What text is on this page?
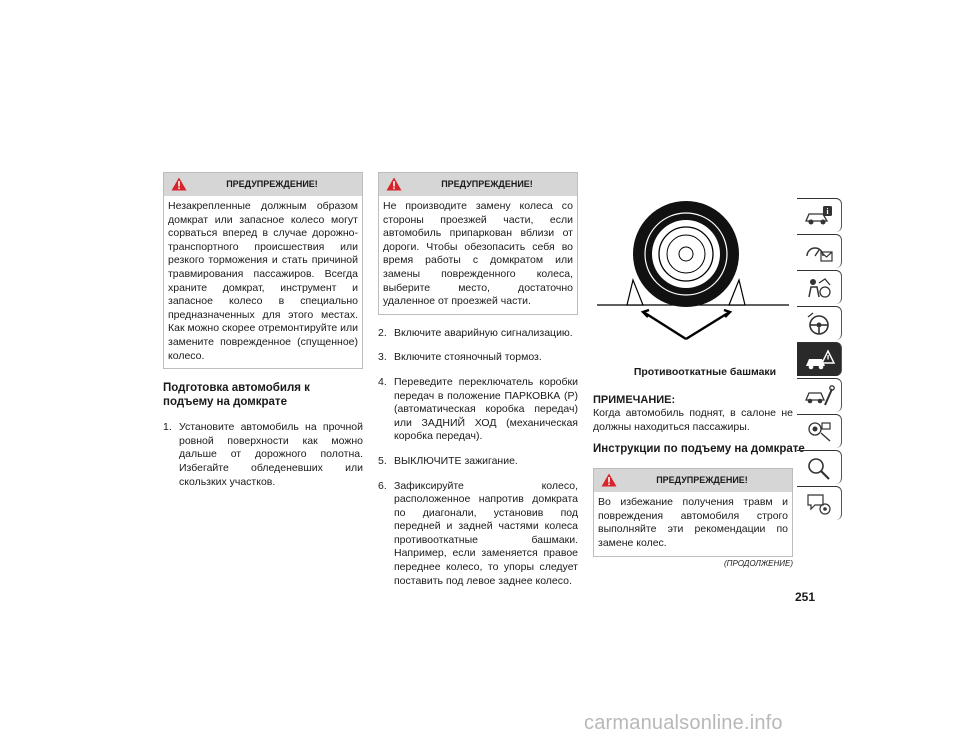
ПРЕДУПРЕЖДЕНИЕ!
Незакрепленные должным образом домкрат или запасное колесо могут сорваться вперед в случае дорожно-транспортного происшествия или резкого торможения и стать причиной травмирования пассажиров. Всегда храните домкрат, инструмент и запасное колесо в специально предназначенных для этого местах. Как можно скорее отремонтируйте или замените поврежденное (спущенное) колесо.
Подготовка автомобиля к подъему на домкрате
1. Установите автомобиль на прочной ровной поверхности как можно дальше от дорожного полотна. Избегайте обледеневших или скользких участков.
ПРЕДУПРЕЖДЕНИЕ!
Не производите замену колеса со стороны проезжей части, если автомобиль припаркован вблизи от дороги. Чтобы обезопасить себя во время работы с домкратом или замены поврежденного колеса, выберите место, достаточно удаленное от проезжей части.
2. Включите аварийную сигнализацию.
3. Включите стояночный тормоз.
4. Переведите переключатель коробки передач в положение ПАРКОВКА (P) (автоматическая коробка передач) или ЗАДНИЙ ХОД (механическая коробка передач).
5. ВЫКЛЮЧИТЕ зажигание.
6. Зафиксируйте колесо, расположенное напротив домкрата по диагонали, установив под передней и задней частями колеса противооткатные башмаки. Например, если заменяется правое переднее колесо, то упоры следует поставить под левое заднее колесо.
Противооткатные башмаки
ПРИМЕЧАНИЕ:
Когда автомобиль поднят, в салоне не должны находиться пассажиры.
Инструкции по подъему на домкрате
ПРЕДУПРЕЖДЕНИЕ!
Во избежание получения травм и повреждения автомобиля строго выполняйте эти рекомендации по замене колес.
(ПРОДОЛЖЕНИЕ)
251
i
carmanualsonline.info
